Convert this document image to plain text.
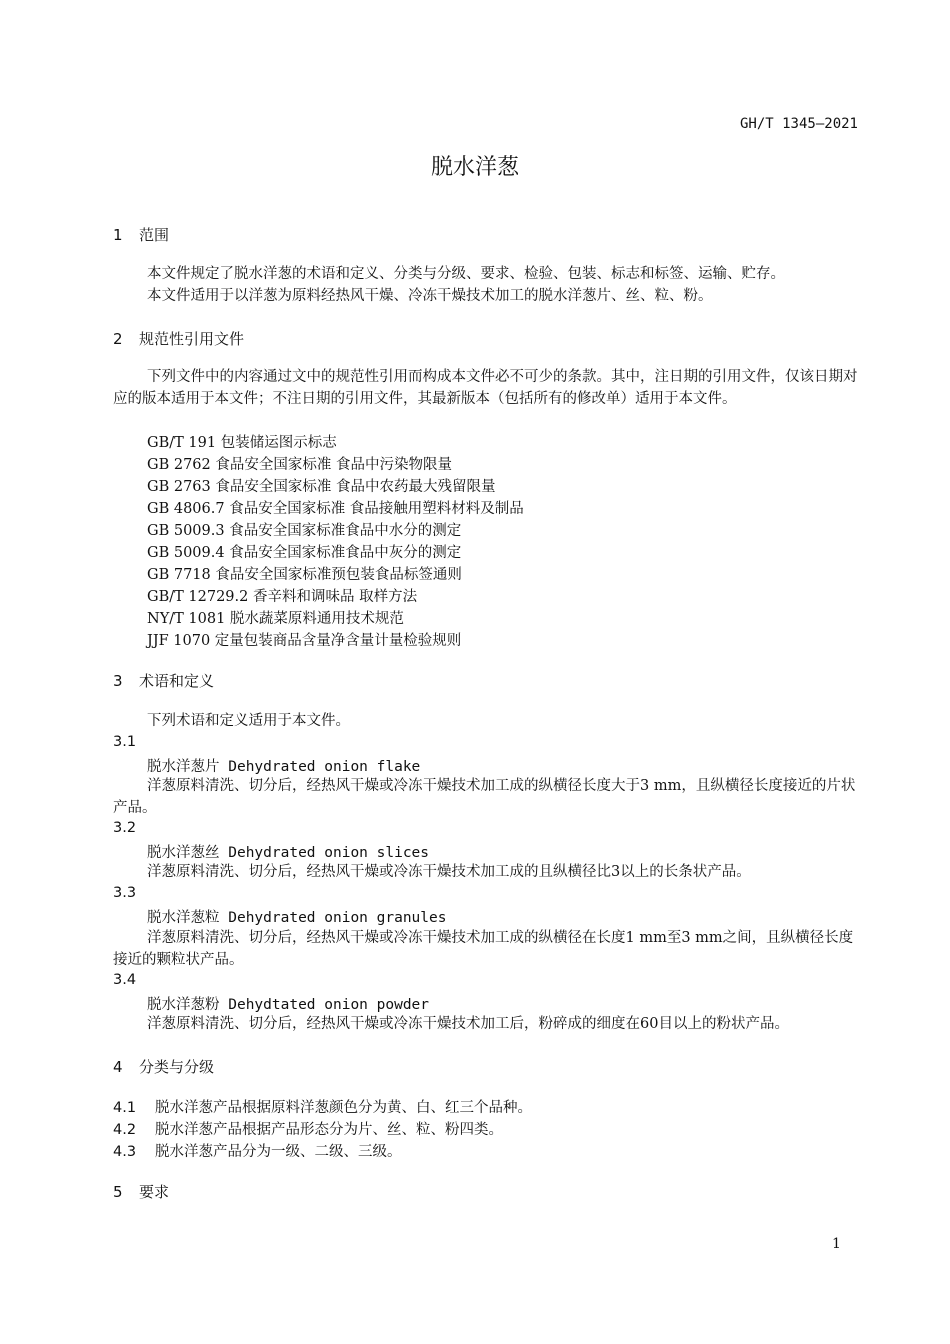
GH/T 1345—2021
脱水洋葱
1 范围
本文件规定了脱水洋葱的术语和定义、分类与分级、要求、检验、包装、标志和标签、运输、贮存。
本文件适用于以洋葱为原料经热风干燥、冷冻干燥技术加工的脱水洋葱片、丝、粒、粉。
2 规范性引用文件
下列文件中的内容通过文中的规范性引用而构成本文件必不可少的条款。其中，注日期的引用文件，仅该日期对应的版本适用于本文件；不注日期的引用文件，其最新版本（包括所有的修改单）适用于本文件。
GB/T 191 包装储运图示标志
GB 2762 食品安全国家标准 食品中污染物限量
GB 2763 食品安全国家标准 食品中农药最大残留限量
GB 4806.7 食品安全国家标准 食品接触用塑料材料及制品
GB 5009.3 食品安全国家标准食品中水分的测定
GB 5009.4 食品安全国家标准食品中灰分的测定
GB 7718 食品安全国家标准预包装食品标签通则
GB/T 12729.2 香辛料和调味品 取样方法
NY/T 1081 脱水蔬菜原料通用技术规范
JJF 1070 定量包装商品含量净含量计量检验规则
3 术语和定义
下列术语和定义适用于本文件。
3.1
脱水洋葱片 Dehydrated onion flake
洋葱原料清洗、切分后，经热风干燥或冷冻干燥技术加工成的纵横径长度大于3 mm，且纵横径长度接近的片状产品。
3.2
脱水洋葱丝 Dehydrated onion slices
洋葱原料清洗、切分后，经热风干燥或冷冻干燥技术加工成的且纵横径比3以上的长条状产品。
3.3
脱水洋葱粒 Dehydrated onion granules
洋葱原料清洗、切分后，经热风干燥或冷冻干燥技术加工成的纵横径在长度1 mm至3 mm之间，且纵横径长度接近的颗粒状产品。
3.4
脱水洋葱粉 Dehydtated onion powder
洋葱原料清洗、切分后，经热风干燥或冷冻干燥技术加工后，粉碎成的细度在60目以上的粉状产品。
4 分类与分级
4.1 脱水洋葱产品根据原料洋葱颜色分为黄、白、红三个品种。
4.2 脱水洋葱产品根据产品形态分为片、丝、粒、粉四类。
4.3 脱水洋葱产品分为一级、二级、三级。
5 要求
1
